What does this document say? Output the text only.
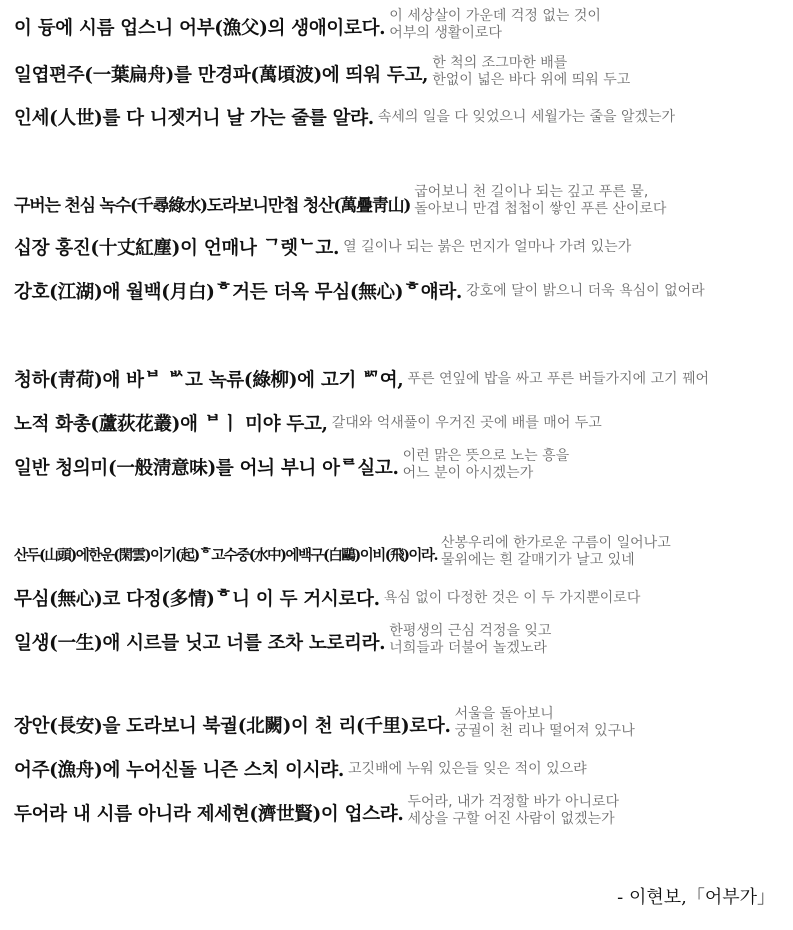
이 듕에 시름 업스니 어부(漁父)의 생애이로다.
이 세상살이 가운데 걱정 없는 것이
어부의 생활이로다
일엽편주(一葉扁舟)를 만경파(萬頃波)에 띄워 두고,
한 척의 조그마한 배를
한없이 넓은 바다 위에 띄워 두고
인세(人世)를 다 니젯거니 날 가는 줄를 알랴. 속세의 일을 다 잊었으니 세월가는 줄을 알겠는가
구버는 천심 녹수(千尋綠水)도라보니만첩 청산(萬疊靑山)
굽어보니 천 길이나 되는 깊고 푸른 물,
돌아보니 만겹 첩첩이 쌓인 푸른 산이로다
십장 홍진(十丈紅塵)이 언매나 ᄀ렛ᄂ고. 열 길이나 되는 붉은 먼지가 얼마나 가려 있는가
강호(江湖)애 월백(月白)ᄒ거든 더옥 무심(無心)ᄒ얘라. 강호에 달이 밝으니 더욱 욕심이 없어라
청하(靑荷)애 바ᄇ ᄡ고 녹류(綠柳)에 고기 ᄢ여, 푸른 연잎에 밥을 싸고 푸른 버들가지에 고기 꿰어
노적 화총(蘆荻花叢)애 ᄇㅣ 미야 두고, 갈대와 억새풀이 우거진 곳에 배를 매어 두고
일반 청의미(一般淸意味)를 어늬 부니 아ᄅ실고.
이런 맑은 뜻으로 노는 흥을
어느 분이 아시겠는가
산두(山頭)에한운(閑雲)이기(起)ᄒ고수중(水中)에백구(白鷗)이비(飛)이라.
산봉우리에 한가로운 구름이 일어나고
물위에는 흰 갈매기가 날고 있네
무심(無心)코 다정(多情)ᄒ니 이 두 거시로다. 욕심 없이 다정한 것은 이 두 가지뿐이로다
일생(一生)애 시르믈 닛고 너를 조차 노로리라.
한평생의 근심 걱정을 잊고
너희들과 더불어 놀겠노라
장안(長安)을 도라보니 북궐(北闕)이 천 리(千里)로다.
서울을 돌아보니
궁궐이 천 리나 떨어져 있구나
어주(漁舟)에 누어신돌 니즌 스치 이시랴. 고깃배에 누워 있은들 잊은 적이 있으랴
두어라 내 시름 아니라 제세현(濟世賢)이 업스랴.
두어라, 내가 걱정할 바가 아니로다
세상을 구할 어진 사람이 없겠는가
- 이현보,「어부가」
